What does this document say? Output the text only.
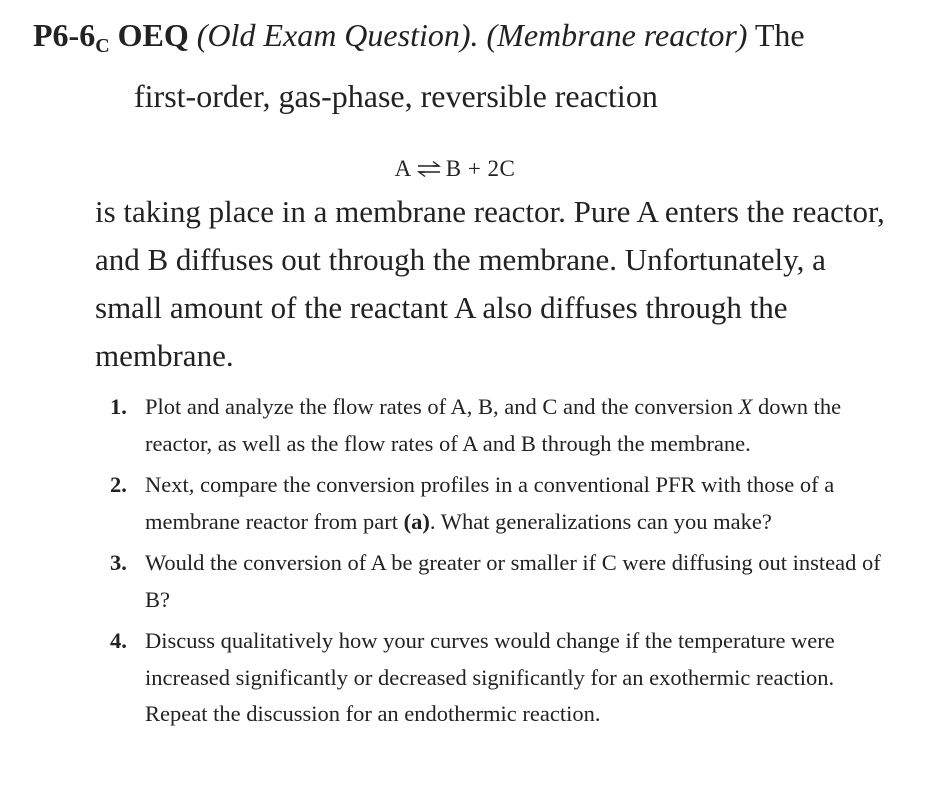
$P6-6_C$ OEQ (Old Exam Question). (Membrane reactor) The
first-order, gas-phase, reversible reaction
A B + 2C
is taking place in a membrane reactor. Pure A enters the reactor, and B diffuses out through the membrane. Unfortunately, a small amount of the reactant A also diffuses through the membrane.
1. Plot and analyze the flow rates of A, B, and C and the conversion X down the reactor, as well as the flow rates of A and B through the membrane.
2. Next, compare the conversion profiles in a conventional PFR with those of a membrane reactor from part (a). What generalizations can you make?
3. Would the conversion of A be greater or smaller if C were diffusing out instead of B?
4. Discuss qualitatively how your curves would change if the temperature were increased significantly or decreased significantly for an exothermic reaction. Repeat the discussion for an endothermic reaction.
